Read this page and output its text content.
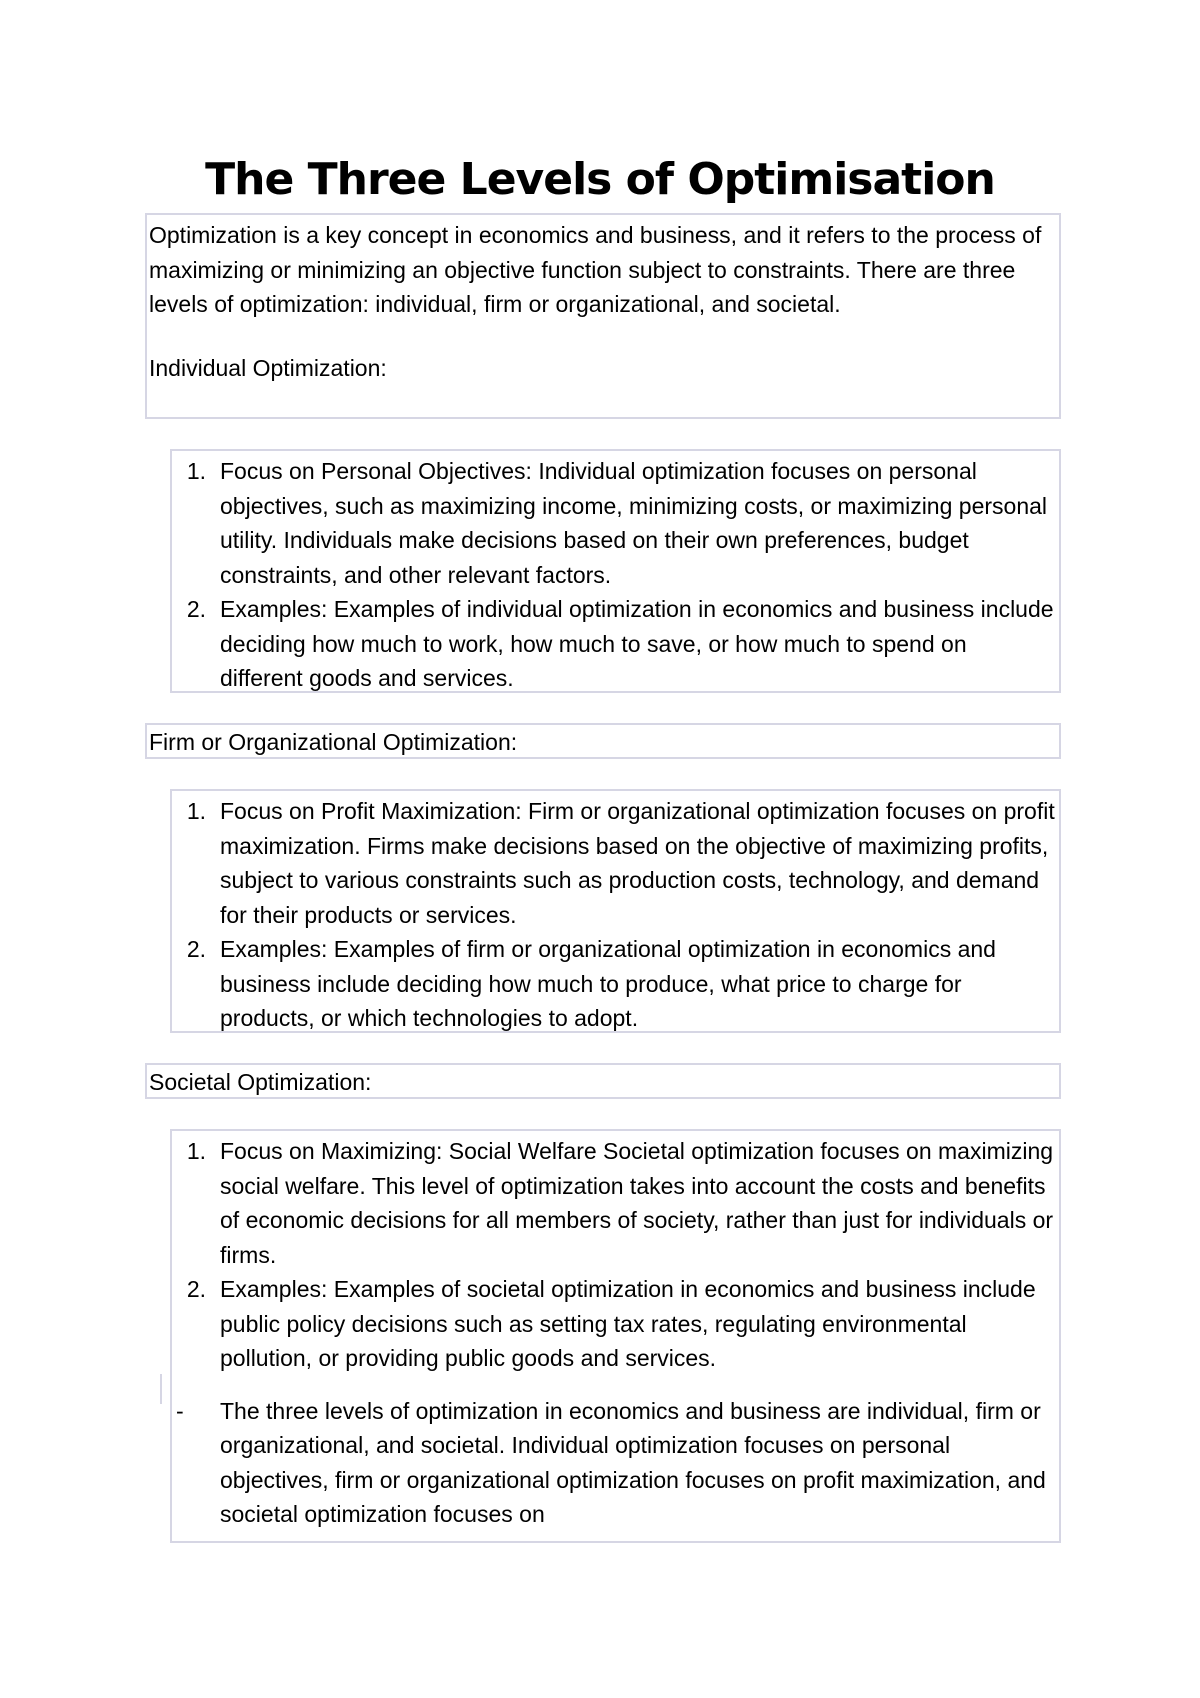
The Three Levels of Optimisation

Optimization is a key concept in economics and business, and it refers to the process of maximizing or minimizing an objective function subject to constraints. There are three levels of optimization: individual, firm or organizational, and societal.

Individual Optimization:

1. Focus on Personal Objectives: Individual optimization focuses on personal objectives, such as maximizing income, minimizing costs, or maximizing personal utility. Individuals make decisions based on their own preferences, budget constraints, and other relevant factors.
2. Examples: Examples of individual optimization in economics and business include deciding how much to work, how much to save, or how much to spend on different goods and services.

Firm or Organizational Optimization:

1. Focus on Profit Maximization: Firm or organizational optimization focuses on profit maximization. Firms make decisions based on the objective of maximizing profits, subject to various constraints such as production costs, technology, and demand for their products or services.
2. Examples: Examples of firm or organizational optimization in economics and business include deciding how much to produce, what price to charge for products, or which technologies to adopt.

Societal Optimization:

1. Focus on Maximizing: Social Welfare Societal optimization focuses on maximizing social welfare. This level of optimization takes into account the costs and benefits of economic decisions for all members of society, rather than just for individuals or firms.
2. Examples: Examples of societal optimization in economics and business include public policy decisions such as setting tax rates, regulating environmental pollution, or providing public goods and services.
-	The three levels of optimization in economics and business are individual, firm or organizational, and societal. Individual optimization focuses on personal objectives, firm or organizational optimization focuses on profit maximization, and societal optimization focuses on
